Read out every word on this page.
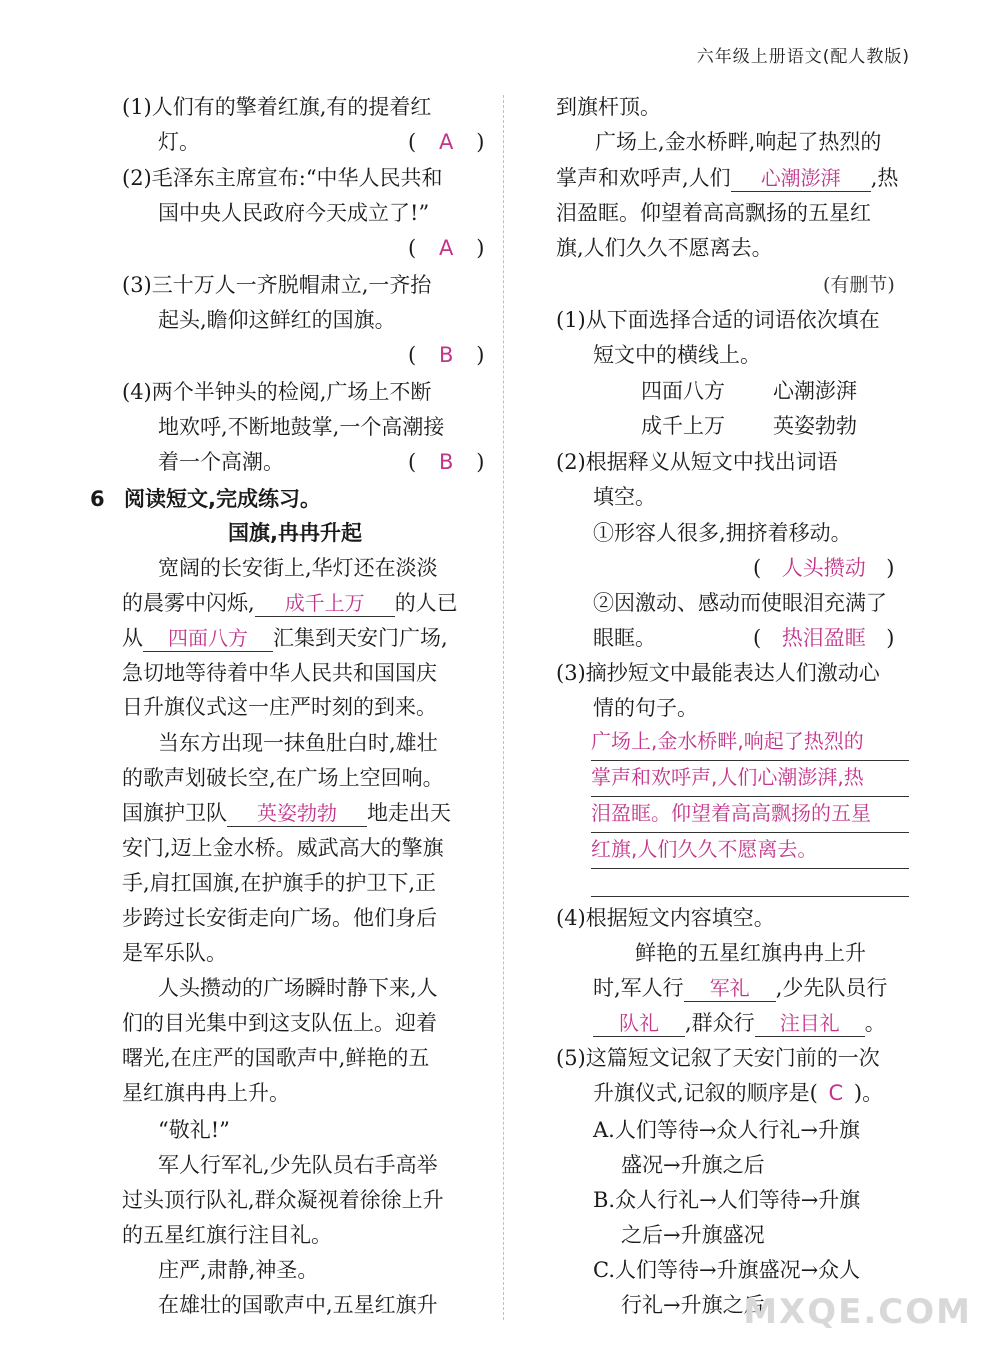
六年级上册语文(配人教版)
(1)人们有的擎着红旗,有的提着红
灯。	( A )
(2)毛泽东主席宣布:“中华人民共和
国中央人民政府今天成立了!”
( A )
(3)三十万人一齐脱帽肃立,一齐抬
起头,瞻仰这鲜红的国旗。
( B )
(4)两个半钟头的检阅,广场上不断
地欢呼,不断地鼓掌,一个高潮接
着一个高潮。	( B )
6 阅读短文,完成练习。
国旗,冉冉升起
宽阔的长安街上,华灯还在淡淡
的晨雾中闪烁, 成千上万 的人已
从 四面八方 汇集到天安门广场,
急切地等待着中华人民共和国国庆
日升旗仪式这一庄严时刻的到来。
当东方出现一抹鱼肚白时,雄壮
的歌声划破长空,在广场上空回响。
国旗护卫队 英姿勃勃 地走出天
安门,迈上金水桥。威武高大的擎旗
手,肩扛国旗,在护旗手的护卫下,正
步跨过长安街走向广场。他们身后
是军乐队。
人头攒动的广场瞬时静下来,人
们的目光集中到这支队伍上。迎着
曙光,在庄严的国歌声中,鲜艳的五
星红旗冉冉上升。
“敬礼!”
军人行军礼,少先队员右手高举
过头顶行队礼,群众凝视着徐徐上升
的五星红旗行注目礼。
庄严,肃静,神圣。
在雄壮的国歌声中,五星红旗升
到旗杆顶。
广场上,金水桥畔,响起了热烈的
掌声和欢呼声,人们 心潮澎湃 ,热
泪盈眶。仰望着高高飘扬的五星红
旗,人们久久不愿离去。
(有删节)
(1)从下面选择合适的词语依次填在
短文中的横线上。
四面八方 心潮澎湃
成千上万 英姿勃勃
(2)根据释义从短文中找出词语
填空。
①形容人很多,拥挤着移动。
( 人头攒动 )
②因激动、感动而使眼泪充满了
眼眶。	( 热泪盈眶 )
(3)摘抄短文中最能表达人们激动心
情的句子。
广场上,金水桥畔,响起了热烈的
掌声和欢呼声,人们心潮澎湃,热
泪盈眶。仰望着高高飘扬的五星
红旗,人们久久不愿离去。
(4)根据短文内容填空。
鲜艳的五星红旗冉冉上升
时,军人行 军礼 ,少先队员行
队礼 ,群众行 注目礼 。
(5)这篇短文记叙了天安门前的一次
升旗仪式,记叙的顺序是( C )。
A.人们等待→众人行礼→升旗
盛况→升旗之后
B.众人行礼→人们等待→升旗
之后→升旗盛况
C.人们等待→升旗盛况→众人
行礼→升旗之后
MXQE.COM
